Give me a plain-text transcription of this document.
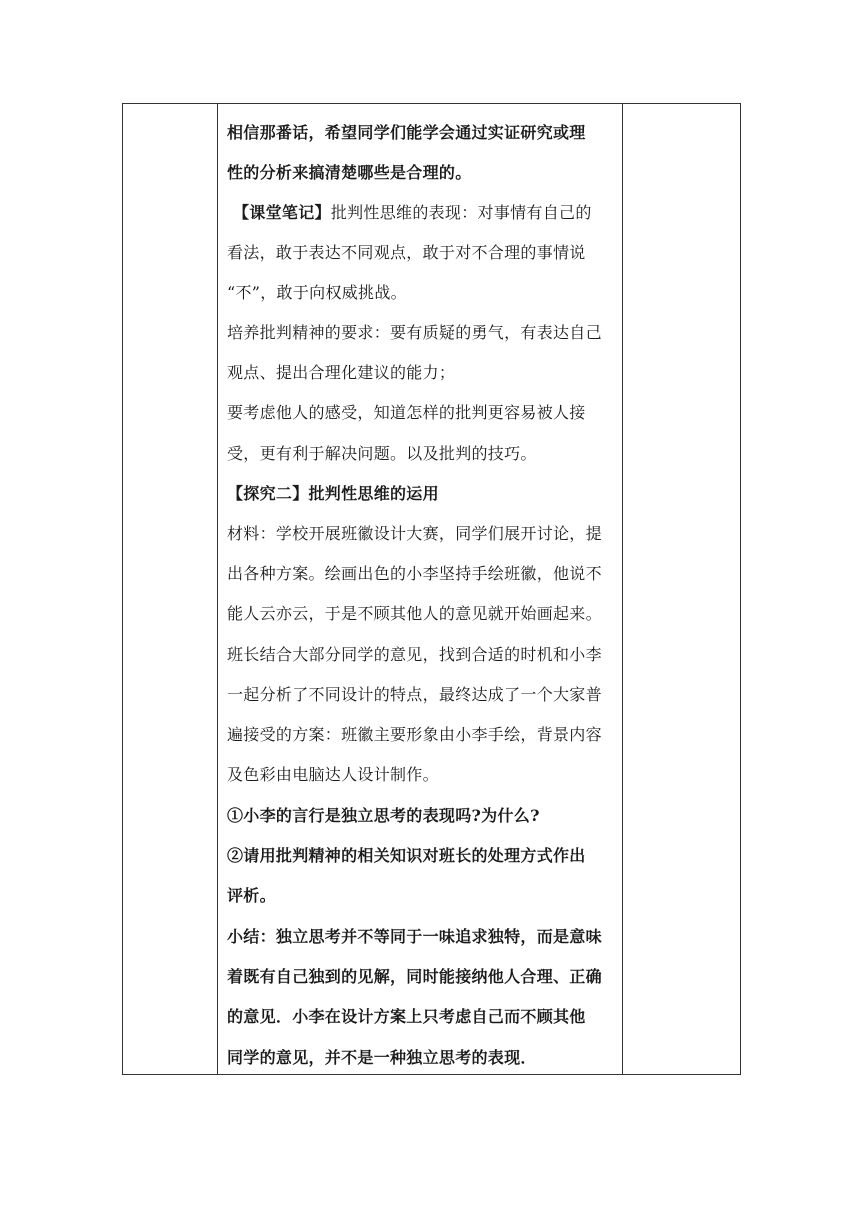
相信那番话，希望同学们能学会通过实证研究或理
性的分析来搞清楚哪些是合理的。
【课堂笔记】批判性思维的表现：对事情有自己的
看法，敢于表达不同观点，敢于对不合理的事情说
“不”，敢于向权威挑战。
培养批判精神的要求：要有质疑的勇气，有表达自己
观点、提出合理化建议的能力；
要考虑他人的感受，知道怎样的批判更容易被人接
受，更有利于解决问题。以及批判的技巧。
【探究二】批判性思维的运用
材料：学校开展班徽设计大赛，同学们展开讨论，提
出各种方案。绘画出色的小李坚持手绘班徽，他说不
能人云亦云，于是不顾其他人的意见就开始画起来。
班长结合大部分同学的意见，找到合适的时机和小李
一起分析了不同设计的特点，最终达成了一个大家普
遍接受的方案：班徽主要形象由小李手绘，背景内容
及色彩由电脑达人设计制作。
①小李的言行是独立思考的表现吗?为什么?
②请用批判精神的相关知识对班长的处理方式作出
评析。
小结：独立思考并不等同于一味追求独特，而是意味
着既有自己独到的见解，同时能接纳他人合理、正确
的意见．小李在设计方案上只考虑自己而不顾其他
同学的意见，并不是一种独立思考的表现．
